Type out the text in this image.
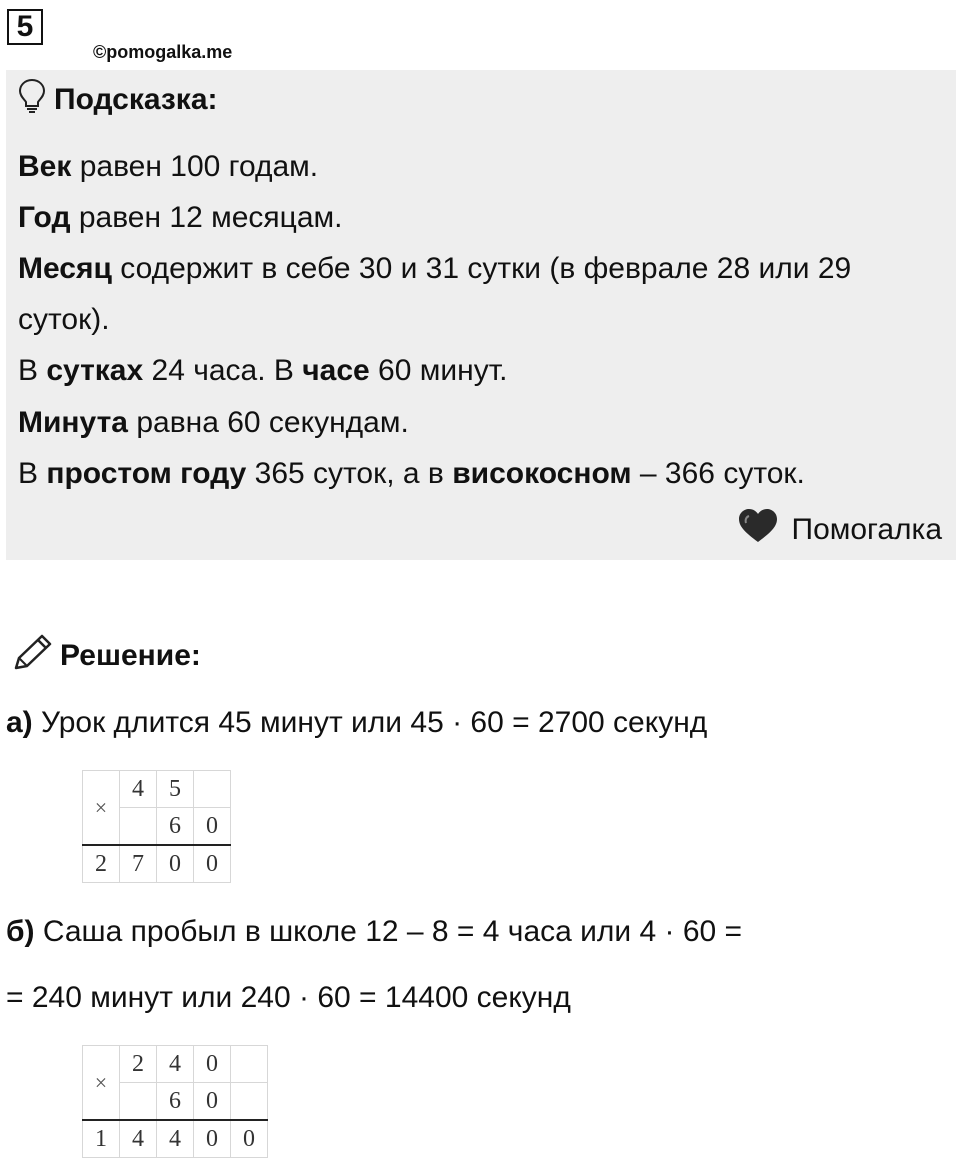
5
©pomogalka.me
Подсказка:
Век равен 100 годам.
Год равен 12 месяцам.
Месяц содержит в себе 30 и 31 сутки (в феврале 28 или 29
суток).
В сутках 24 часа. В часе 60 минут.
Минута равна 60 секундам.
В простом году 365 суток, а в високосном – 366 суток.
Помогалка
Решение:
а) Урок длится 45 минут или 45 · 60 = 2700 секунд
×	4	5	
		6	0
2	7	0	0
б) Саша пробыл в школе 12 – 8 = 4 часа или 4 · 60 =
= 240 минут или 240 · 60 = 14400 секунд
×	2	4	0	
		6	0	
1	4	4	0	0
